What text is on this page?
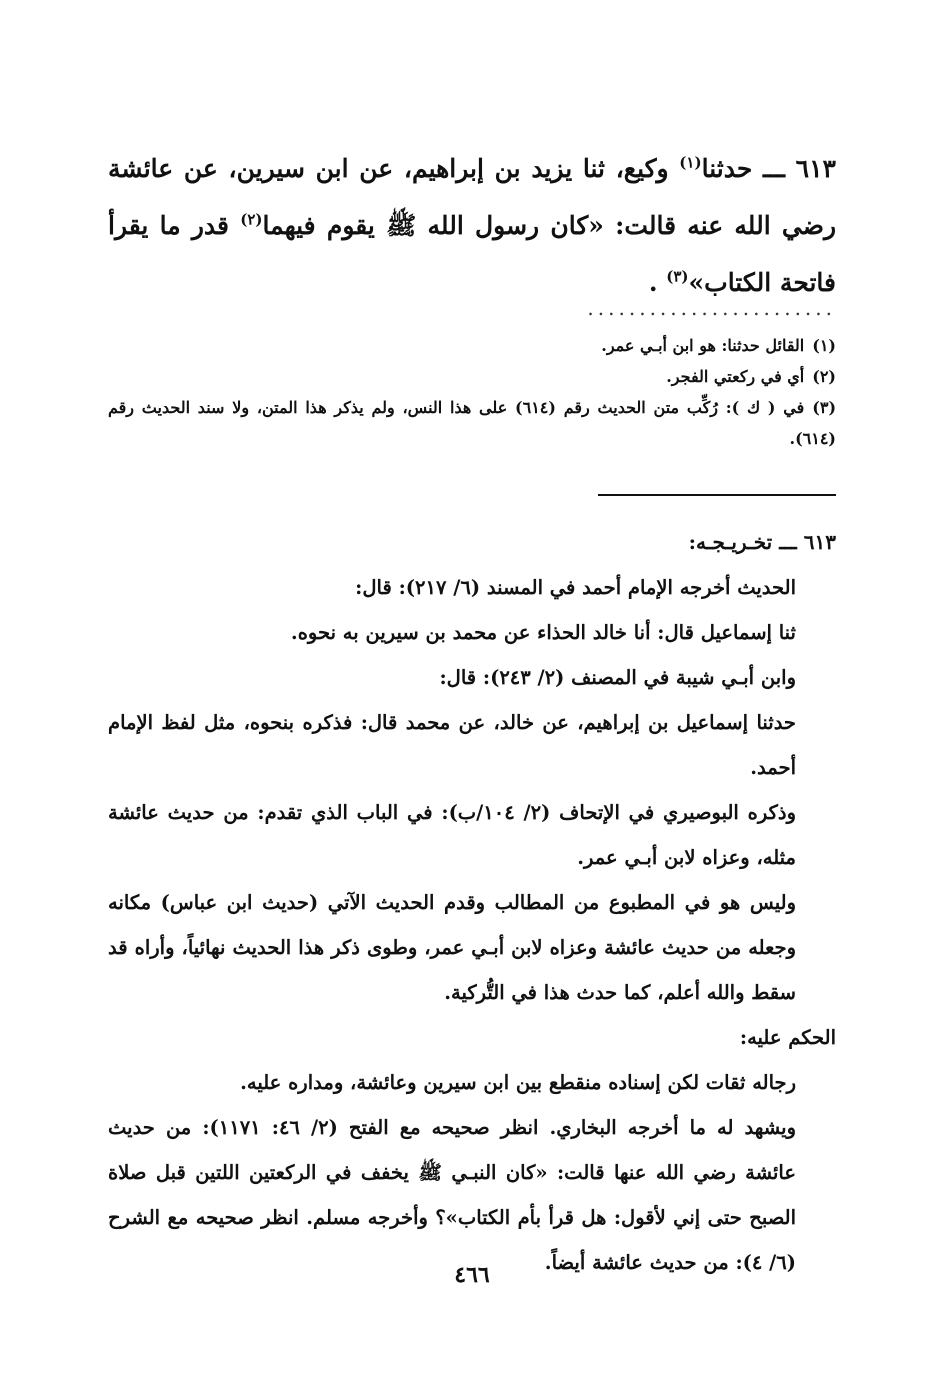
٦١٣ ـــ حدثنا$^{(١)}$ وكيع، ثنا يزيد بن إبراهيم، عن ابن سيرين، عن عائشة رضي الله عنه قالت: «كان رسول الله ﷺ يقوم فيهما$^{(٢)}$ قدر ما يقرأ فاتحة الكتاب»$^{(٣)}$ .

........................

(١)القائل حدثنا: هو ابن أبـي عمر.

(٢)أي في ركعتي الفجر.

(٣)في ( ك ): رُكِّب متن الحديث رقم (٦١٤) على هذا النس، ولم يذكر هذا المتن، ولا سند الحديث رقم (٦١٤).

٦١٣ ـــ تخـريـجـه:

الحديث أخرجه الإمام أحمد في المسند (٦/ ٢١٧): قال:

ثنا إسماعيل قال: أنا خالد الحذاء عن محمد بن سيرين به نحوه.

وابن أبـي شيبة في المصنف (٢/ ٢٤٣): قال:

حدثنا إسماعيل بن إبراهيم، عن خالد، عن محمد قال: فذكره بنحوه، مثل لفظ الإمام أحمد.

وذكره البوصيري في الإتحاف (٢/ ١٠٤/ب): في الباب الذي تقدم: من حديث عائشة مثله، وعزاه لابن أبـي عمر.

وليس هو في المطبوع من المطالب وقدم الحديث الآتي (حديث ابن عباس) مكانه وجعله من حديث عائشة وعزاه لابن أبـي عمر، وطوى ذكر هذا الحديث نهائياً، وأراه قد سقط والله أعلم، كما حدث هذا في التُّركية.

الحكم عليه:

رجاله ثقات لكن إسناده منقطع بين ابن سيرين وعائشة، ومداره عليه.

ويشهد له ما أخرجه البخاري. انظر صحيحه مع الفتح (٢/ ٤٦: ١١٧١): من حديث عائشة رضي الله عنها قالت: «كان النبـي ﷺ يخفف في الركعتين اللتين قبل صلاة الصبح حتى إني لأقول: هل قرأ بأم الكتاب»؟ وأخرجه مسلم. انظر صحيحه مع الشرح (٦/ ٤): من حديث عائشة أيضاً.

٤٦٦
